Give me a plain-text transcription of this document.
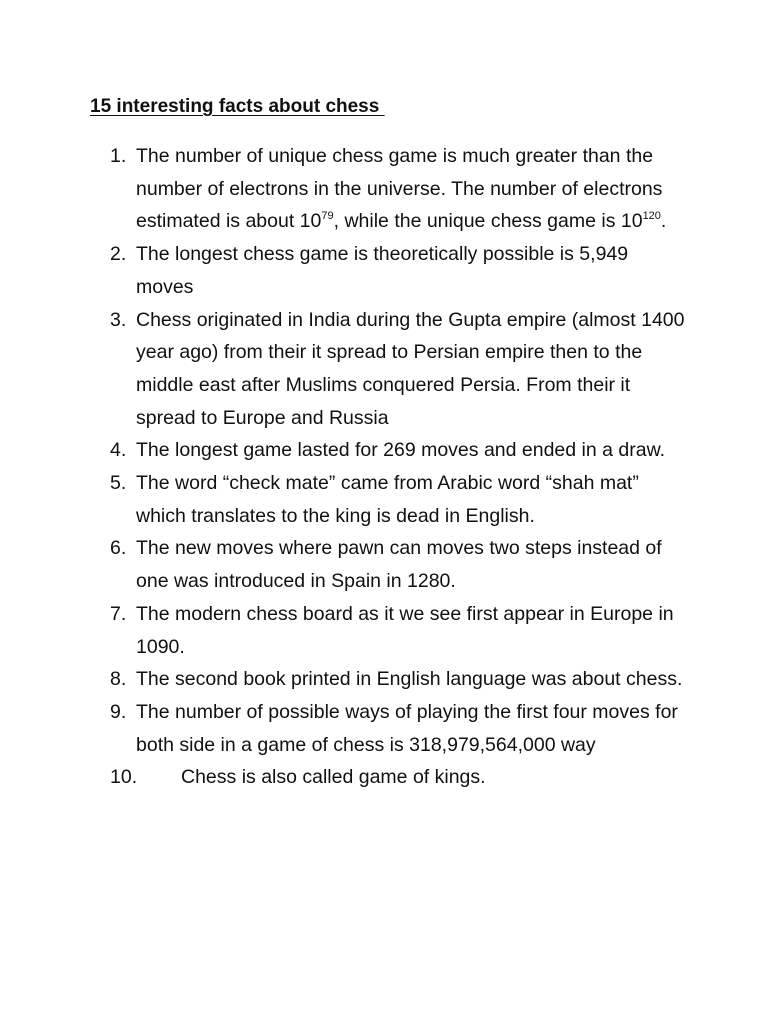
15 interesting facts about chess
1. The number of unique chess game is much greater than the number of electrons in the universe. The number of electrons estimated is about $10^{79}$, while the unique chess game is $10^{120}$.
2. The longest chess game is theoretically possible is 5,949 moves
3. Chess originated in India during the Gupta empire (almost 1400 year ago) from their it spread to Persian empire then to the middle east after Muslims conquered Persia. From their it spread to Europe and Russia
4. The longest game lasted for 269 moves and ended in a draw.
5. The word “check mate” came from Arabic word “shah mat” which translates to the king is dead in English.
6. The new moves where pawn can moves two steps instead of one was introduced in Spain in 1280.
7. The modern chess board as it we see first appear in Europe in 1090.
8. The second book printed in English language was about chess.
9. The number of possible ways of playing the first four moves for both side in a game of chess is 318,979,564,000 way
10. Chess is also called game of kings.
